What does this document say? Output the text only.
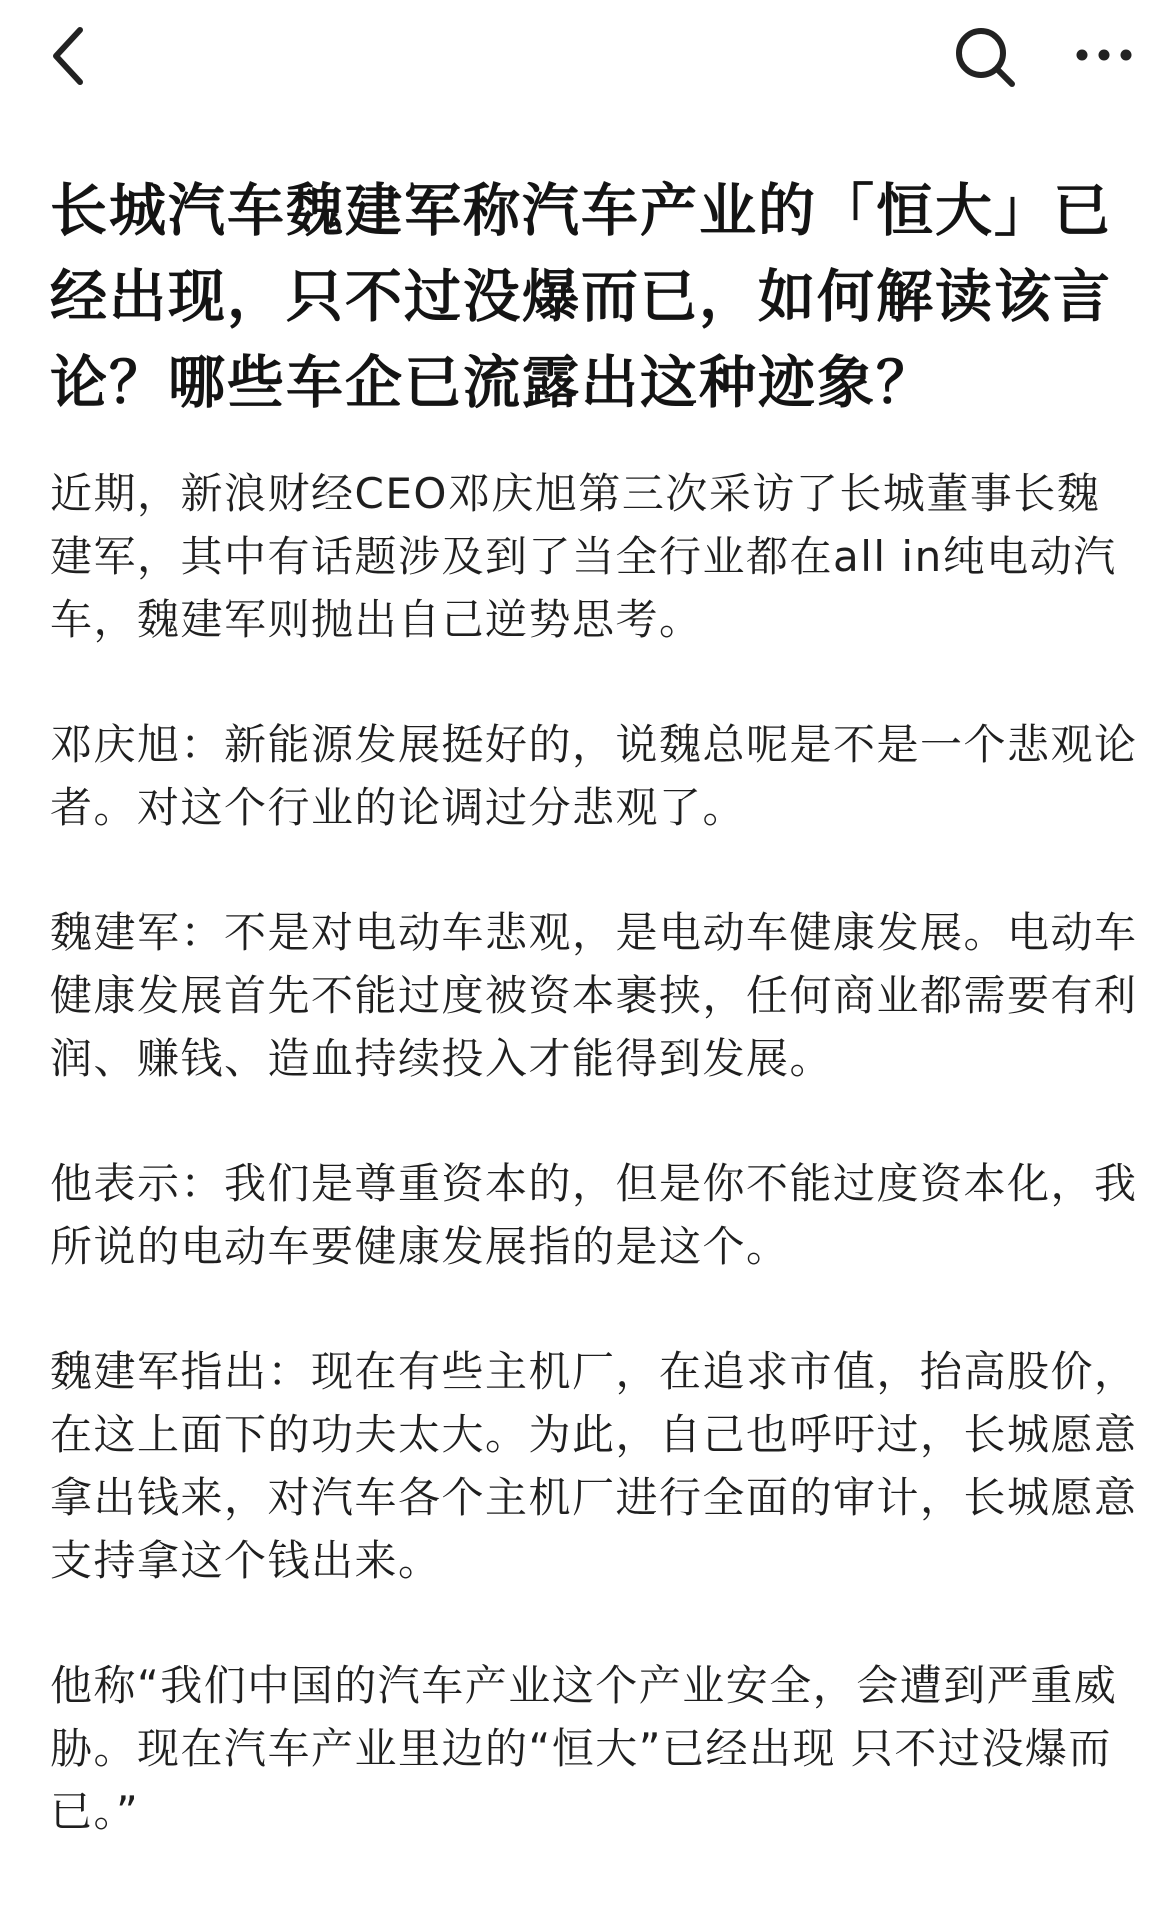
长城汽车魏建军称汽车产业的「恒大」已经出现，只不过没爆而已，如何解读该言论？哪些车企已流露出这种迹象？

近期，新浪财经CEO邓庆旭第三次采访了长城董事长魏建军，其中有话题涉及到了当全行业都在all in纯电动汽车，魏建军则抛出自己逆势思考。

邓庆旭：新能源发展挺好的，说魏总呢是不是一个悲观论者。对这个行业的论调过分悲观了。

魏建军：不是对电动车悲观，是电动车健康发展。电动车健康发展首先不能过度被资本裹挟，任何商业都需要有利润、赚钱、造血持续投入才能得到发展。

他表示：我们是尊重资本的，但是你不能过度资本化，我所说的电动车要健康发展指的是这个。

魏建军指出：现在有些主机厂，在追求市值，抬高股价，在这上面下的功夫太大。为此，自己也呼吁过，长城愿意拿出钱来，对汽车各个主机厂进行全面的审计，长城愿意支持拿这个钱出来。

他称“我们中国的汽车产业这个产业安全，会遭到严重威胁。现在汽车产业里边的“恒大”已经出现 只不过没爆而已。”
